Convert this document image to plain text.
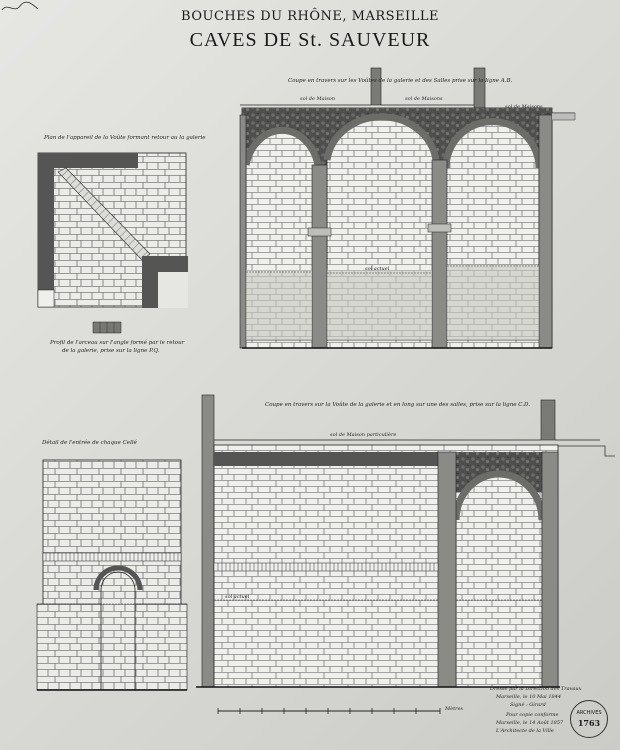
BOUCHES DU RHÔNE, MARSEILLE
CAVES DE St. SAUVEUR
Coupe en travers sur les Voûtes de la galerie et des Salles prise sur la ligne A.B.
Plan de l'appareil de la Voûte formant retour au la galerie
Profil de l'arceau sur l'angle formé par le retour
de la galerie, prise sur la ligne P.Q.
Détail de l'entrée de chaque Cellé
Coupe en travers sur la Voûte de la galerie et en long sur une des salles, prise sur la ligne C.D.
sol de Maison	sol de Maisons
sol de Maisons
sol de Maison particulière
sol actuel
sol actuel
Mètres
Dressé par la Direction des Travaux
Marseille, le 10 Mai 1844
Signé : Girard
Pour copie conforme
Marseille, le 14 Août 1857
L'Architecte de la Ville
ARCHIVES
1763
